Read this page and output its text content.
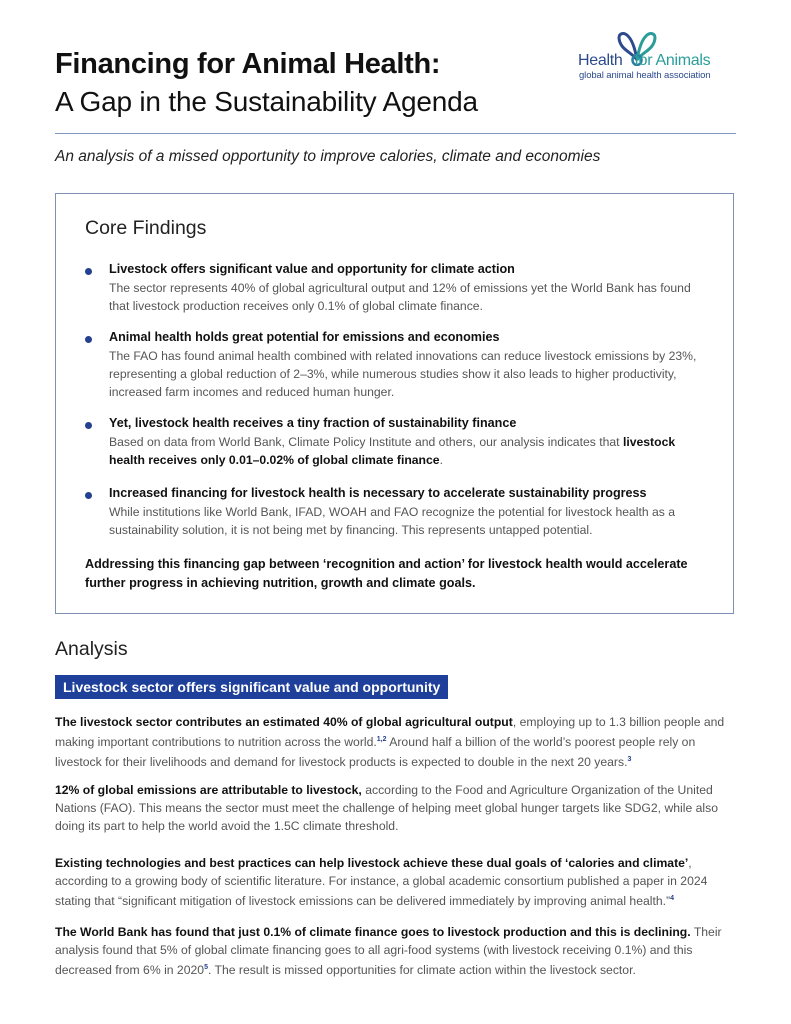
Financing for Animal Health:
A Gap in the Sustainability Agenda
Health for Animals
global animal health association
An analysis of a missed opportunity to improve calories, climate and economies
Core Findings
Livestock offers significant value and opportunity for climate action
The sector represents 40% of global agricultural output and 12% of emissions yet the World Bank has found that livestock production receives only 0.1% of global climate finance.
Animal health holds great potential for emissions and economies
The FAO has found animal health combined with related innovations can reduce livestock emissions by 23%, representing a global reduction of 2–3%, while numerous studies show it also leads to higher productivity, increased farm incomes and reduced human hunger.
Yet, livestock health receives a tiny fraction of sustainability finance
Based on data from World Bank, Climate Policy Institute and others, our analysis indicates that livestock health receives only 0.01–0.02% of global climate finance.
Increased financing for livestock health is necessary to accelerate sustainability progress
While institutions like World Bank, IFAD, WOAH and FAO recognize the potential for livestock health as a sustainability solution, it is not being met by financing. This represents untapped potential.
Addressing this financing gap between ‘recognition and action’ for livestock health would accelerate further progress in achieving nutrition, growth and climate goals.
Analysis
Livestock sector offers significant value and opportunity
The livestock sector contributes an estimated 40% of global agricultural output, employing up to 1.3 billion people and making important contributions to nutrition across the world.$^{1,2}$ Around half a billion of the world’s poorest people rely on livestock for their livelihoods and demand for livestock products is expected to double in the next 20 years.$^3$
12% of global emissions are attributable to livestock, according to the Food and Agriculture Organization of the United Nations (FAO). This means the sector must meet the challenge of helping meet global hunger targets like SDG2, while also doing its part to help the world avoid the 1.5C climate threshold.
Existing technologies and best practices can help livestock achieve these dual goals of ‘calories and climate’, according to a growing body of scientific literature. For instance, a global academic consortium published a paper in 2024 stating that “significant mitigation of livestock emissions can be delivered immediately by improving animal health.”$^4$
The World Bank has found that just 0.1% of climate finance goes to livestock production and this is declining. Their analysis found that 5% of global climate financing goes to all agri-food systems (with livestock receiving 0.1%) and this decreased from 6% in 2020$^5$. The result is missed opportunities for climate action within the livestock sector.
